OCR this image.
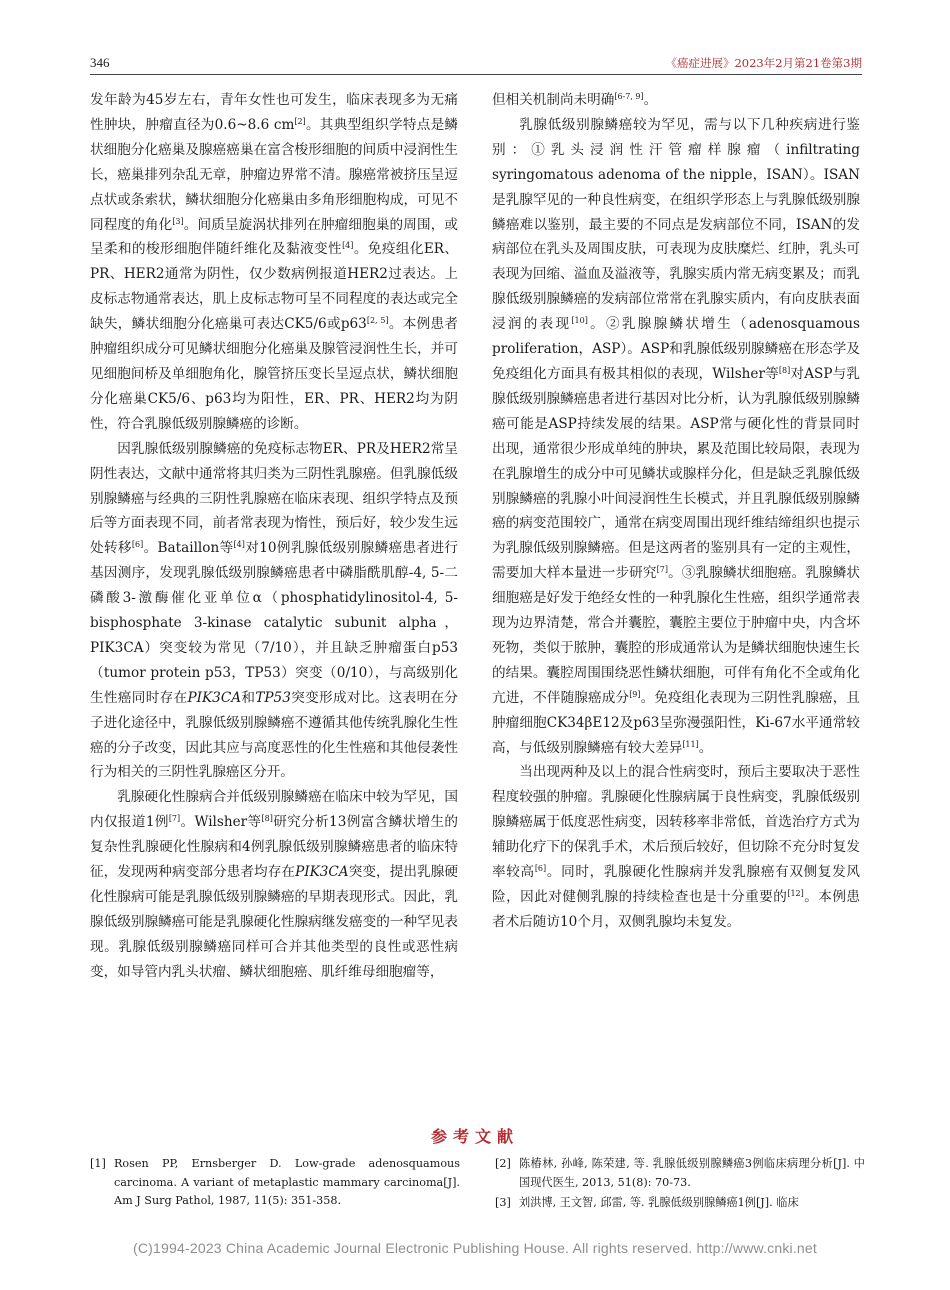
346	《癌症进展》2023年2月第21卷第3期

发年龄为45岁左右，青年女性也可发生，临床表现多为无痛性肿块，肿瘤直径为0.6~8.6 cm[2]。其典型组织学特点是鳞状细胞分化癌巢及腺癌癌巢在富含梭形细胞的间质中浸润性生长，癌巢排列杂乱无章，肿瘤边界常不清。腺癌常被挤压呈逗点状或条索状，鳞状细胞分化癌巢由多角形细胞构成，可见不同程度的角化[3]。间质呈旋涡状排列在肿瘤细胞巢的周围，或呈柔和的梭形细胞伴随纤维化及黏液变性[4]。免疫组化ER、PR、HER2通常为阴性，仅少数病例报道HER2过表达。上皮标志物通常表达，肌上皮标志物可呈不同程度的表达或完全缺失，鳞状细胞分化癌巢可表达CK5/6或p63[2, 5]。本例患者肿瘤组织成分可见鳞状细胞分化癌巢及腺管浸润性生长，并可见细胞间桥及单细胞角化，腺管挤压变长呈逗点状，鳞状细胞分化癌巢CK5/6、p63均为阳性，ER、PR、HER2均为阴性，符合乳腺低级别腺鳞癌的诊断。

因乳腺低级别腺鳞癌的免疫标志物ER、PR及HER2常呈阴性表达，文献中通常将其归类为三阴性乳腺癌。但乳腺低级别腺鳞癌与经典的三阴性乳腺癌在临床表现、组织学特点及预后等方面表现不同，前者常表现为惰性，预后好，较少发生远处转移[6]。Bataillon等[4]对10例乳腺低级别腺鳞癌患者进行基因测序，发现乳腺低级别腺鳞癌患者中磷脂酰肌醇-4, 5-二磷酸3-激酶催化亚单位α（phosphatidylinositol-4, 5-bisphosphate 3-kinase catalytic subunit alpha，PIK3CA）突变较为常见（7/10），并且缺乏肿瘤蛋白p53（tumor protein p53，TP53）突变（0/10），与高级别化生性癌同时存在PIK3CA和TP53突变形成对比。这表明在分子进化途径中，乳腺低级别腺鳞癌不遵循其他传统乳腺化生性癌的分子改变，因此其应与高度恶性的化生性癌和其他侵袭性行为相关的三阴性乳腺癌区分开。

乳腺硬化性腺病合并低级别腺鳞癌在临床中较为罕见，国内仅报道1例[7]。Wilsher等[8]研究分析13例富含鳞状增生的复杂性乳腺硬化性腺病和4例乳腺低级别腺鳞癌患者的临床特征，发现两种病变部分患者均存在PIK3CA突变，提出乳腺硬化性腺病可能是乳腺低级别腺鳞癌的早期表现形式。因此，乳腺低级别腺鳞癌可能是乳腺硬化性腺病继发癌变的一种罕见表现。乳腺低级别腺鳞癌同样可合并其他类型的良性或恶性病变，如导管内乳头状瘤、鳞状细胞癌、肌纤维母细胞瘤等，

但相关机制尚未明确[6-7, 9]。

乳腺低级别腺鳞癌较为罕见，需与以下几种疾病进行鉴别：①乳头浸润性汗管瘤样腺瘤（infiltrating syringomatous adenoma of the nipple，ISAN）。ISAN是乳腺罕见的一种良性病变，在组织学形态上与乳腺低级别腺鳞癌难以鉴别，最主要的不同点是发病部位不同，ISAN的发病部位在乳头及周围皮肤，可表现为皮肤糜烂、红肿，乳头可表现为回缩、溢血及溢液等，乳腺实质内常无病变累及；而乳腺低级别腺鳞癌的发病部位常常在乳腺实质内，有向皮肤表面浸润的表现[10]。②乳腺腺鳞状增生（adenosquamous proliferation，ASP）。ASP和乳腺低级别腺鳞癌在形态学及免疫组化方面具有极其相似的表现，Wilsher等[8]对ASP与乳腺低级别腺鳞癌患者进行基因对比分析，认为乳腺低级别腺鳞癌可能是ASP持续发展的结果。ASP常与硬化性的背景同时出现，通常很少形成单纯的肿块，累及范围比较局限，表现为在乳腺增生的成分中可见鳞状或腺样分化，但是缺乏乳腺低级别腺鳞癌的乳腺小叶间浸润性生长模式，并且乳腺低级别腺鳞癌的病变范围较广，通常在病变周围出现纤维结缔组织也提示为乳腺低级别腺鳞癌。但是这两者的鉴别具有一定的主观性，需要加大样本量进一步研究[7]。③乳腺鳞状细胞癌。乳腺鳞状细胞癌是好发于绝经女性的一种乳腺化生性癌，组织学通常表现为边界清楚，常合并囊腔，囊腔主要位于肿瘤中央，内含坏死物，类似于脓肿，囊腔的形成通常认为是鳞状细胞快速生长的结果。囊腔周围围绕恶性鳞状细胞，可伴有角化不全或角化亢进，不伴随腺癌成分[9]。免疫组化表现为三阴性乳腺癌，且肿瘤细胞CK34βE12及p63呈弥漫强阳性，Ki-67水平通常较高，与低级别腺鳞癌有较大差异[11]。

当出现两种及以上的混合性病变时，预后主要取决于恶性程度较强的肿瘤。乳腺硬化性腺病属于良性病变，乳腺低级别腺鳞癌属于低度恶性病变，因转移率非常低，首选治疗方式为辅助化疗下的保乳手术，术后预后较好，但切除不充分时复发率较高[6]。同时，乳腺硬化性腺病并发乳腺癌有双侧复发风险，因此对健侧乳腺的持续检查也是十分重要的[12]。本例患者术后随访10个月，双侧乳腺均未复发。

参考文献
[1] Rosen PP, Ernsberger D. Low-grade adenosquamous carcinoma. A variant of metaplastic mammary carcinoma[J]. Am J Surg Pathol, 1987, 11(5): 351-358.
[2] 陈椿林, 孙峰, 陈荣建, 等. 乳腺低级别腺鳞癌3例临床病理分析[J]. 中国现代医生, 2013, 51(8): 70-73.
[3] 刘洪博, 王文智, 邱雷, 等. 乳腺低级别腺鳞癌1例[J]. 临床
(C)1994-2023 China Academic Journal Electronic Publishing House. All rights reserved. http://www.cnki.net
